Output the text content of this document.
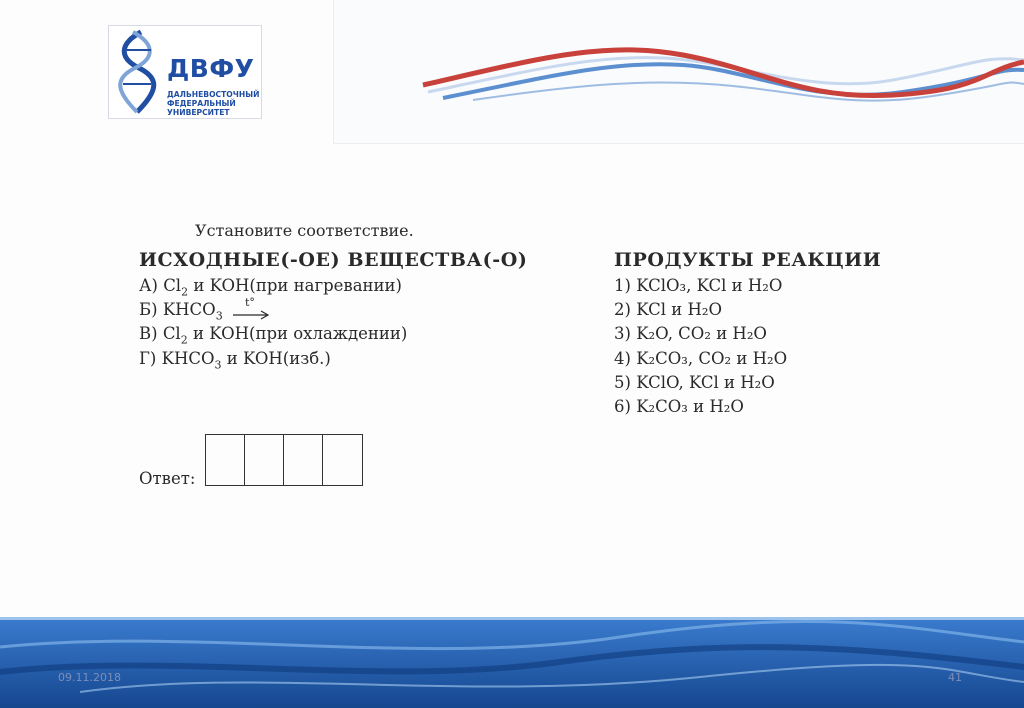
ДВФУ
ДАЛЬНЕВОСТОЧНЫЙ
ФЕДЕРАЛЬНЫЙ
УНИВЕРСИТЕТ
Установите соответствие.
ИСХОДНЫЕ(-ОЕ) ВЕЩЕСТВА(-О)	ПРОДУКТЫ РЕАКЦИИ
А) $Cl_2$ и KOH(при нагревании)
Б) $KHCO_3$
t°
В) $Cl_2$ и KOH(при охлаждении)
Г) $KHCO_3$ и KOH(изб.)
1) KClO₃, KCl и H₂O
2) KCl и H₂O
3) K₂O, CO₂ и H₂O
4) K₂CO₃, CO₂ и H₂O
5) KClO, KCl и H₂O
6) K₂CO₃ и H₂O
Ответ:
09.11.2018	41
